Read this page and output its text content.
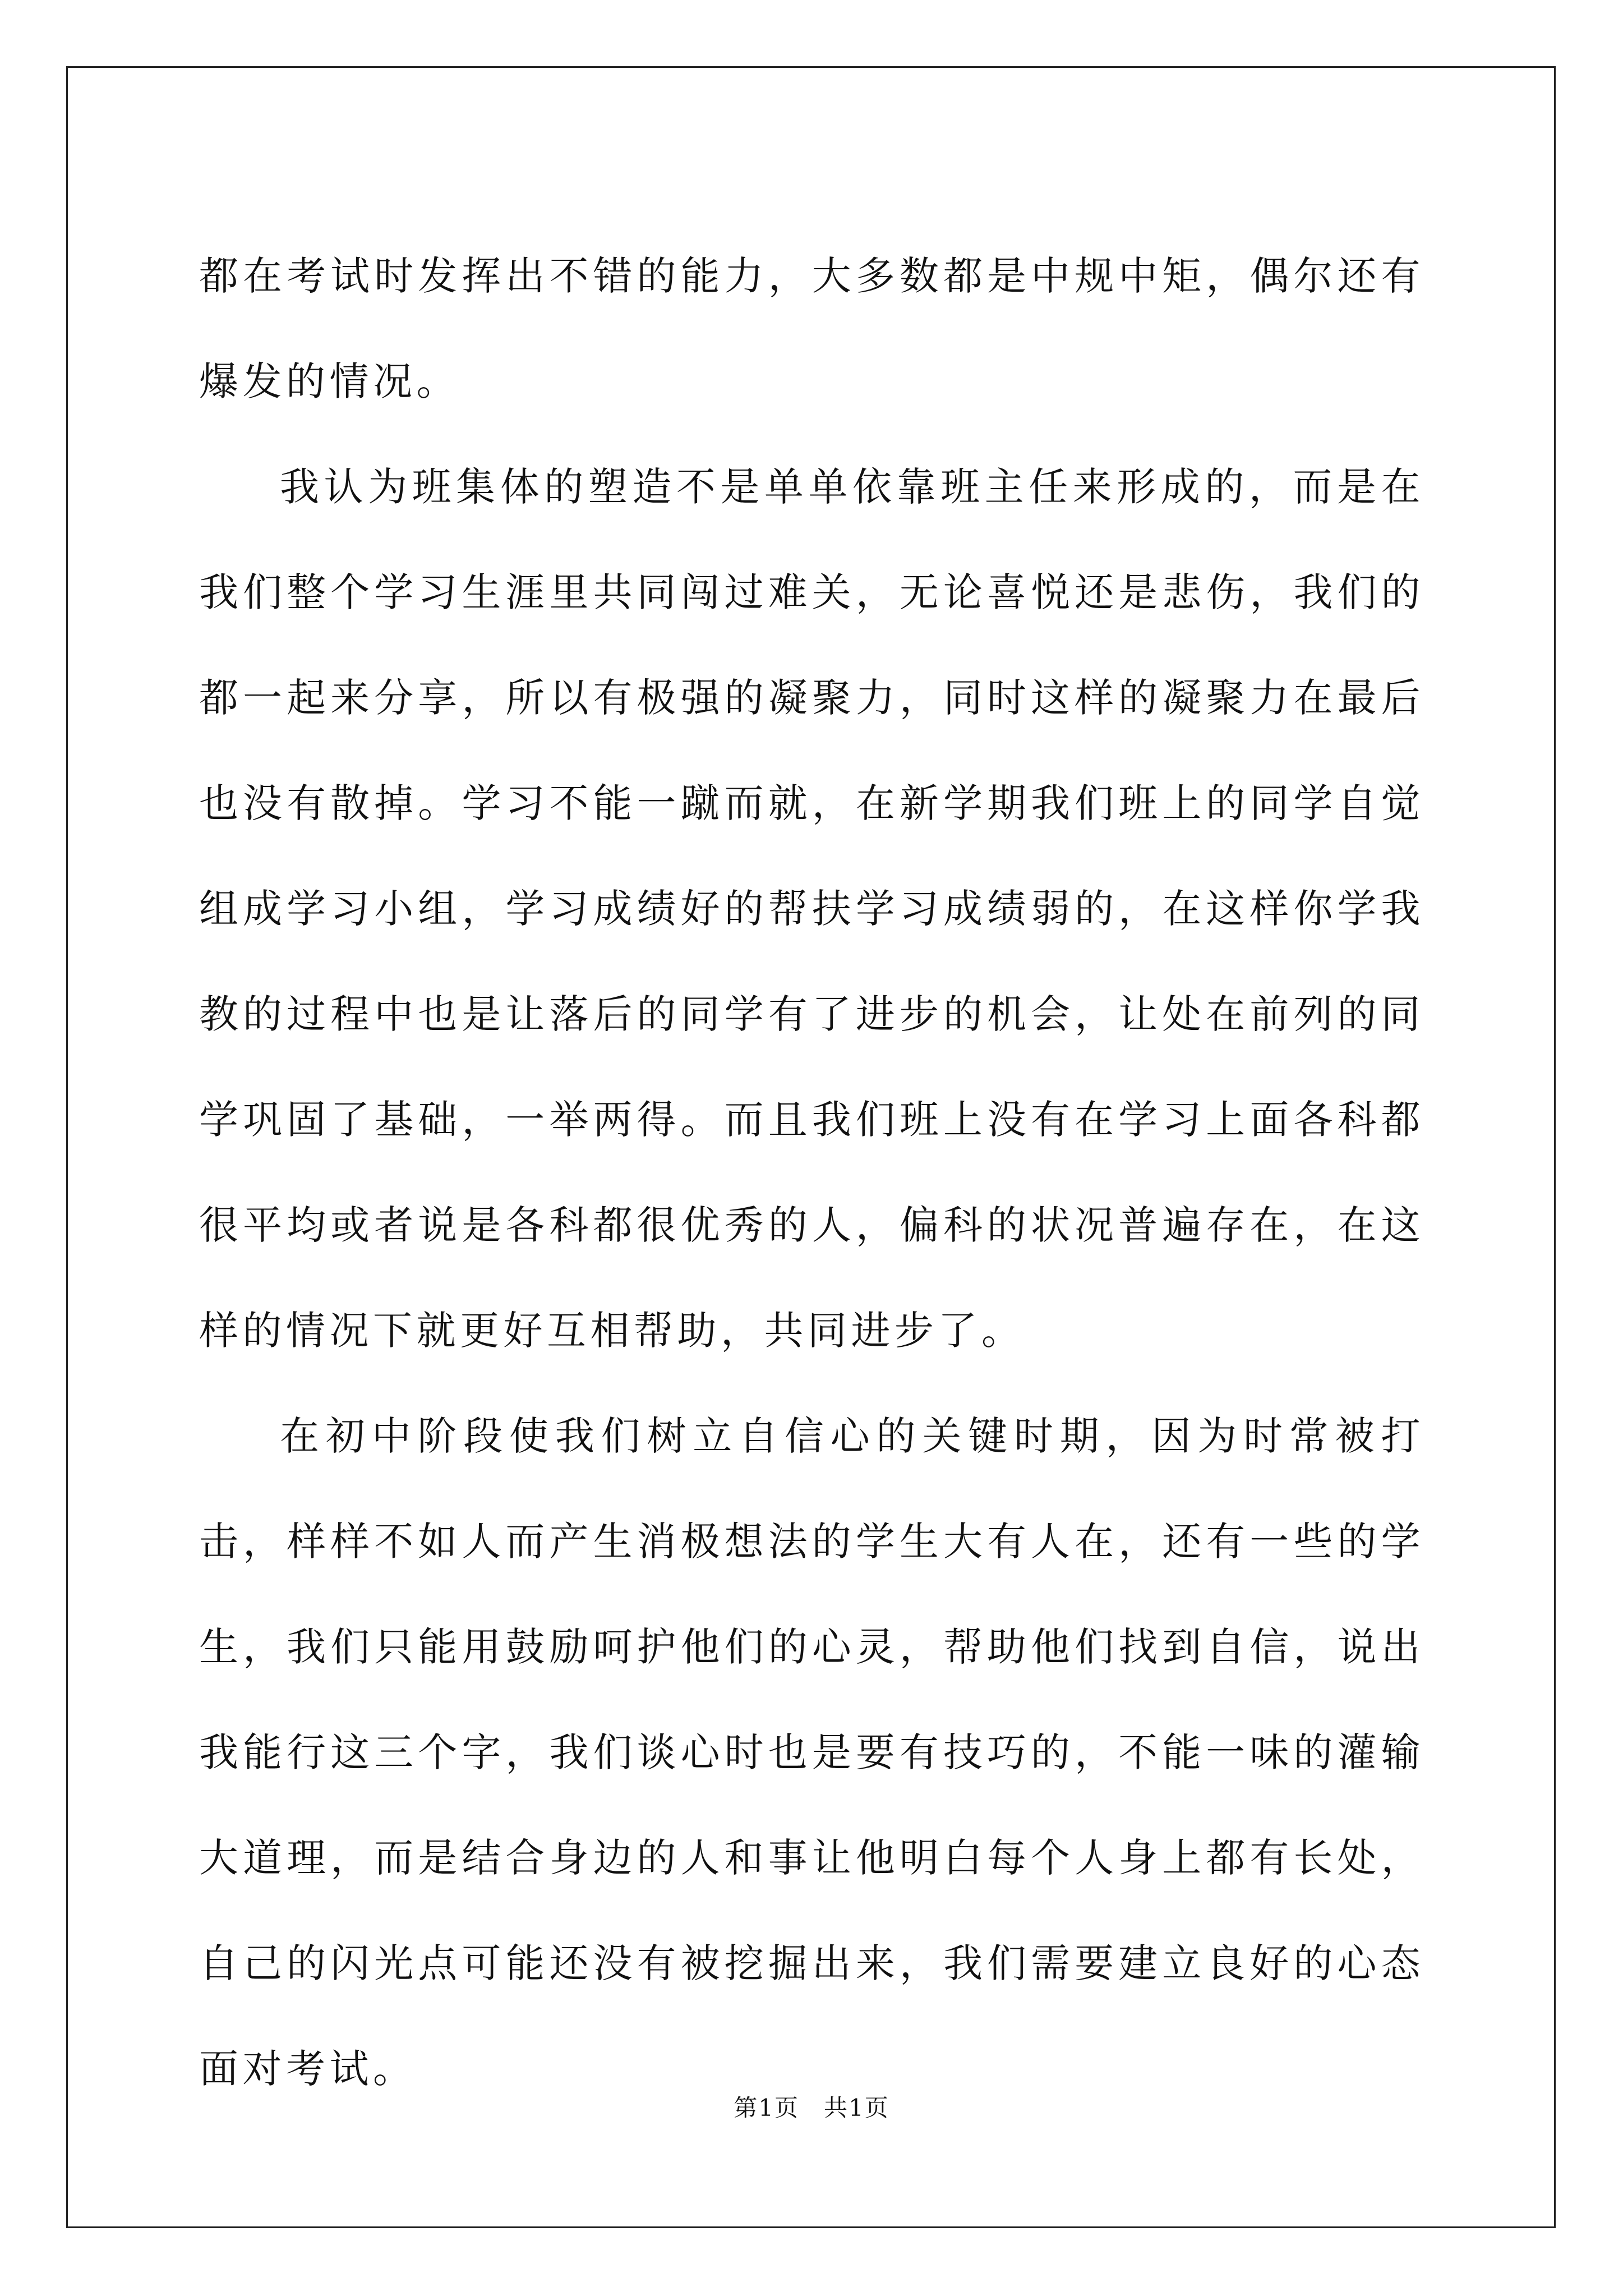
都在考试时发挥出不错的能力，大多数都是中规中矩，偶尔还有爆发的情况。

我认为班集体的塑造不是单单依靠班主任来形成的，而是在我们整个学习生涯里共同闯过难关，无论喜悦还是悲伤，我们的都一起来分享，所以有极强的凝聚力，同时这样的凝聚力在最后也没有散掉。学习不能一蹴而就，在新学期我们班上的同学自觉组成学习小组，学习成绩好的帮扶学习成绩弱的，在这样你学我教的过程中也是让落后的同学有了进步的机会，让处在前列的同学巩固了基础，一举两得。而且我们班上没有在学习上面各科都很平均或者说是各科都很优秀的人，偏科的状况普遍存在，在这样的情况下就更好互相帮助，共同进步了。

在初中阶段使我们树立自信心的关键时期，因为时常被打击，样样不如人而产生消极想法的学生大有人在，还有一些的学生，我们只能用鼓励呵护他们的心灵，帮助他们找到自信，说出我能行这三个字，我们谈心时也是要有技巧的，不能一味的灌输大道理，而是结合身边的人和事让他明白每个人身上都有长处，自己的闪光点可能还没有被挖掘出来，我们需要建立良好的心态面对考试。

第1页　共1页
